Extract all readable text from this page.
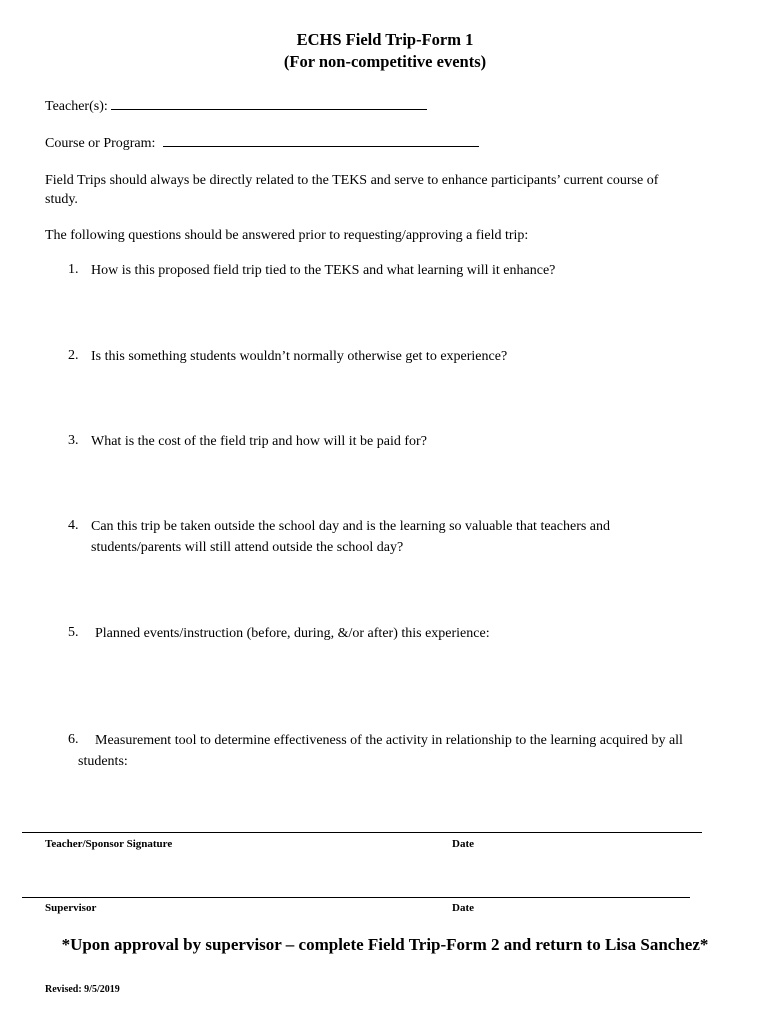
ECHS Field Trip-Form 1
(For non-competitive events)
Teacher(s):
Course or Program:
Field Trips should always be directly related to the TEKS and serve to enhance participants’ current course of study.
The following questions should be answered prior to requesting/approving a field trip:
1. How is this proposed field trip tied to the TEKS and what learning will it enhance?
2. Is this something students wouldn’t normally otherwise get to experience?
3. What is the cost of the field trip and how will it be paid for?
4. Can this trip be taken outside the school day and is the learning so valuable that teachers and students/parents will still attend outside the school day?
5. Planned events/instruction (before, during, &/or after) this experience:
6.	Measurement tool to determine effectiveness of the activity in relationship to the learning acquired by all students:
Teacher/Sponsor Signature	Date
Supervisor	Date
*Upon approval by supervisor – complete Field Trip-Form 2 and return to Lisa Sanchez*
Revised: 9/5/2019
